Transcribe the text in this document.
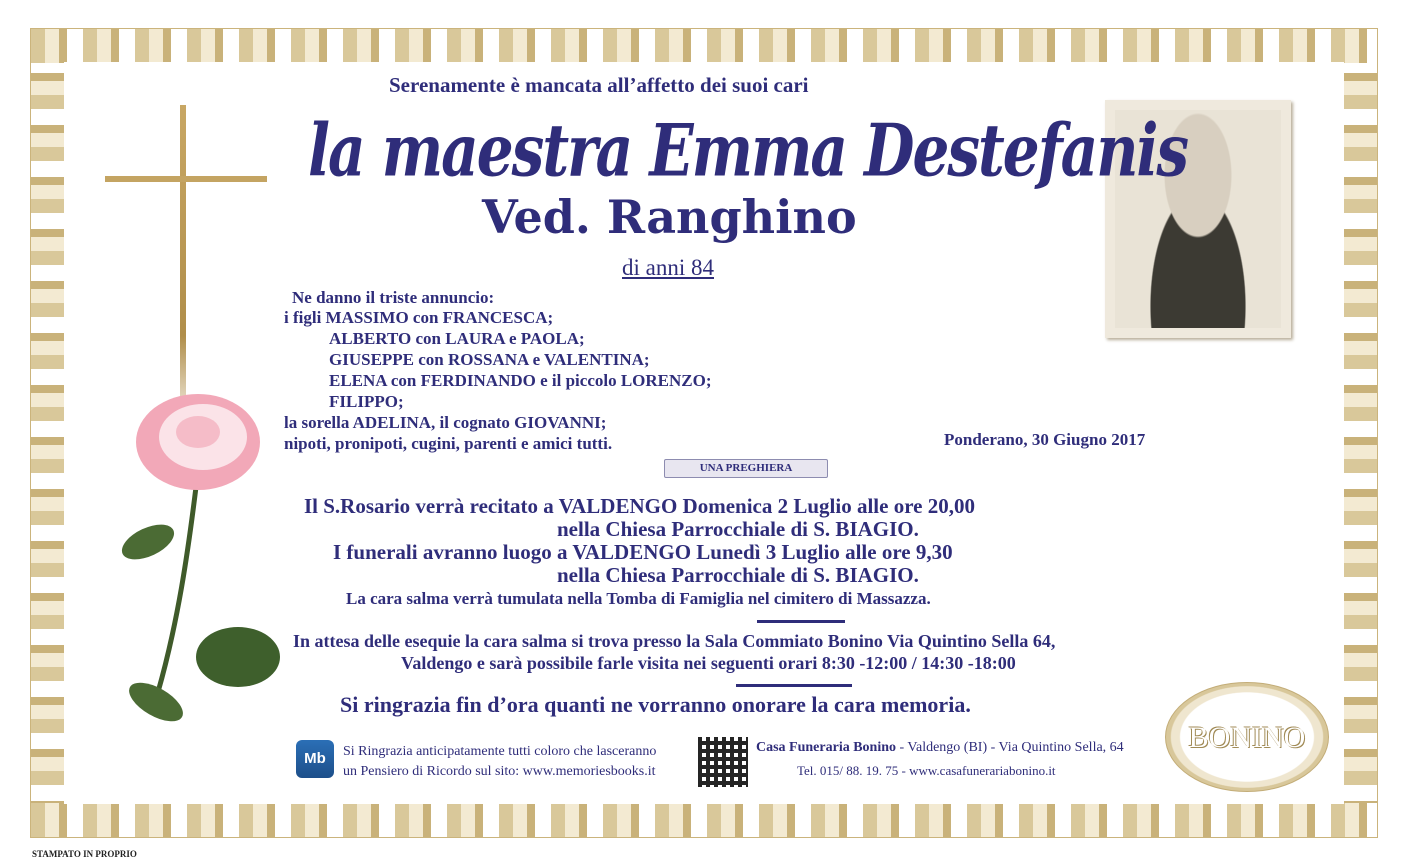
Serenamente è mancata all’affetto dei suoi cari
la maestra Emma Destefanis
Ved. Ranghino
di anni 84
Ne danno il triste annuncio:
i figli MASSIMO con FRANCESCA;
ALBERTO con LAURA e PAOLA;
GIUSEPPE con ROSSANA e VALENTINA;
ELENA con FERDINANDO e il piccolo LORENZO;
FILIPPO;
la sorella ADELINA, il cognato GIOVANNI;
nipoti, pronipoti, cugini, parenti e amici tutti.	Ponderano, 30 Giugno 2017
UNA PREGHIERA
Il S.Rosario verrà recitato a VALDENGO Domenica 2 Luglio alle ore 20,00
nella Chiesa Parrocchiale di S. BIAGIO.
I funerali avranno luogo a VALDENGO Lunedì 3 Luglio alle ore 9,30
nella Chiesa Parrocchiale di S. BIAGIO.
La cara salma verrà tumulata nella Tomba di Famiglia nel cimitero di Massazza.
In attesa delle esequie la cara salma si trova presso la Sala Commiato Bonino Via Quintino Sella 64,
Valdengo e sarà possibile farle visita nei seguenti orari 8:30 -12:00 / 14:30 -18:00
Si ringrazia fin d’ora quanti ne vorranno onorare la cara memoria.
Mb	Si Ringrazia anticipatamente tutti coloro che lasceranno
un Pensiero di Ricordo sul sito: www.memoriesbooks.it
Casa Funeraria Bonino - Valdengo (BI) - Via Quintino Sella, 64
Tel. 015/ 88. 19. 75 - www.casafunerariabonino.it
BONINO
STAMPATO IN PROPRIO
